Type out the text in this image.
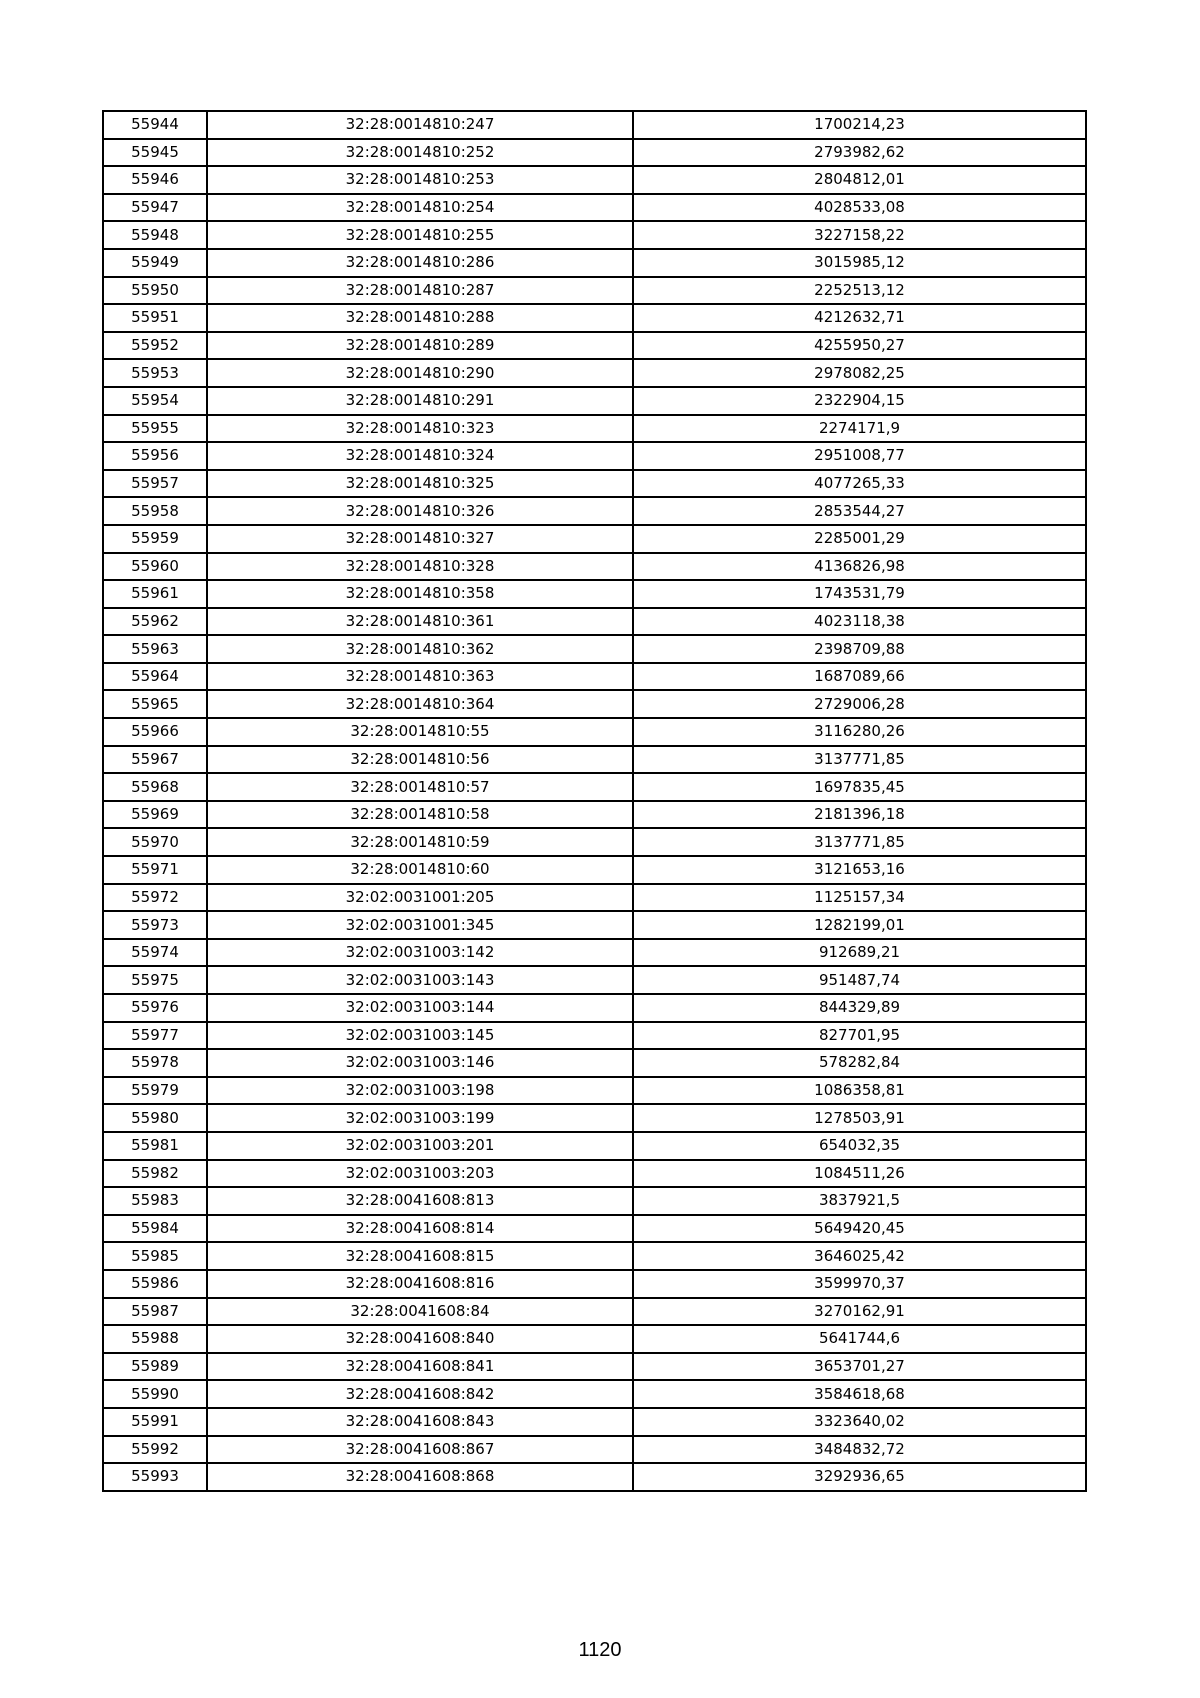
55944	32:28:0014810:247	1700214,23
55945	32:28:0014810:252	2793982,62
55946	32:28:0014810:253	2804812,01
55947	32:28:0014810:254	4028533,08
55948	32:28:0014810:255	3227158,22
55949	32:28:0014810:286	3015985,12
55950	32:28:0014810:287	2252513,12
55951	32:28:0014810:288	4212632,71
55952	32:28:0014810:289	4255950,27
55953	32:28:0014810:290	2978082,25
55954	32:28:0014810:291	2322904,15
55955	32:28:0014810:323	2274171,9
55956	32:28:0014810:324	2951008,77
55957	32:28:0014810:325	4077265,33
55958	32:28:0014810:326	2853544,27
55959	32:28:0014810:327	2285001,29
55960	32:28:0014810:328	4136826,98
55961	32:28:0014810:358	1743531,79
55962	32:28:0014810:361	4023118,38
55963	32:28:0014810:362	2398709,88
55964	32:28:0014810:363	1687089,66
55965	32:28:0014810:364	2729006,28
55966	32:28:0014810:55	3116280,26
55967	32:28:0014810:56	3137771,85
55968	32:28:0014810:57	1697835,45
55969	32:28:0014810:58	2181396,18
55970	32:28:0014810:59	3137771,85
55971	32:28:0014810:60	3121653,16
55972	32:02:0031001:205	1125157,34
55973	32:02:0031001:345	1282199,01
55974	32:02:0031003:142	912689,21
55975	32:02:0031003:143	951487,74
55976	32:02:0031003:144	844329,89
55977	32:02:0031003:145	827701,95
55978	32:02:0031003:146	578282,84
55979	32:02:0031003:198	1086358,81
55980	32:02:0031003:199	1278503,91
55981	32:02:0031003:201	654032,35
55982	32:02:0031003:203	1084511,26
55983	32:28:0041608:813	3837921,5
55984	32:28:0041608:814	5649420,45
55985	32:28:0041608:815	3646025,42
55986	32:28:0041608:816	3599970,37
55987	32:28:0041608:84	3270162,91
55988	32:28:0041608:840	5641744,6
55989	32:28:0041608:841	3653701,27
55990	32:28:0041608:842	3584618,68
55991	32:28:0041608:843	3323640,02
55992	32:28:0041608:867	3484832,72
55993	32:28:0041608:868	3292936,65
1120
